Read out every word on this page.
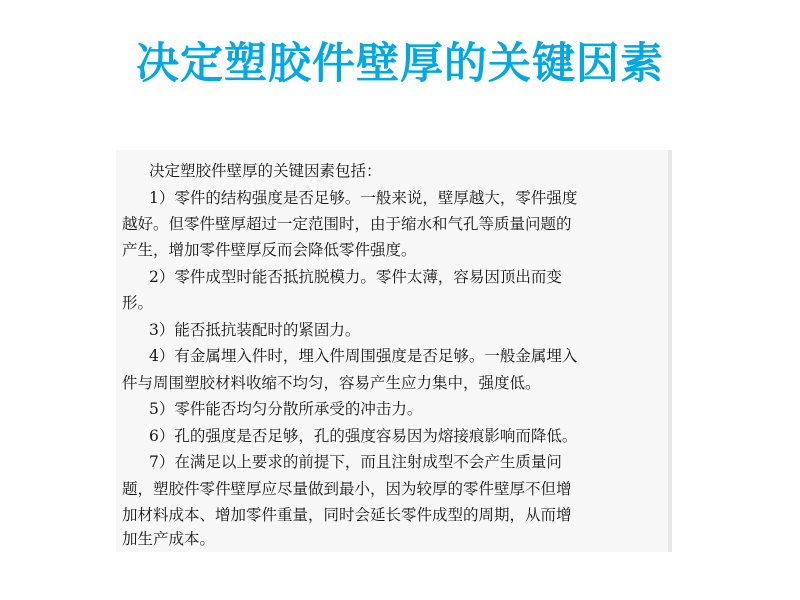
决定塑胶件壁厚的关键因素
决定塑胶件壁厚的关键因素包括：
1）零件的结构强度是否足够。一般来说，壁厚越大，零件强度
越好。但零件壁厚超过一定范围时，由于缩水和气孔等质量问题的
产生，增加零件壁厚反而会降低零件强度。
2）零件成型时能否抵抗脱模力。零件太薄，容易因顶出而变
形。
3）能否抵抗装配时的紧固力。
4）有金属埋入件时，埋入件周围强度是否足够。一般金属埋入
件与周围塑胶材料收缩不均匀，容易产生应力集中，强度低。
5）零件能否均匀分散所承受的冲击力。
6）孔的强度是否足够，孔的强度容易因为熔接痕影响而降低。
7）在满足以上要求的前提下，而且注射成型不会产生质量问
题，塑胶件零件壁厚应尽量做到最小，因为较厚的零件壁厚不但增
加材料成本、增加零件重量，同时会延长零件成型的周期，从而增
加生产成本。
